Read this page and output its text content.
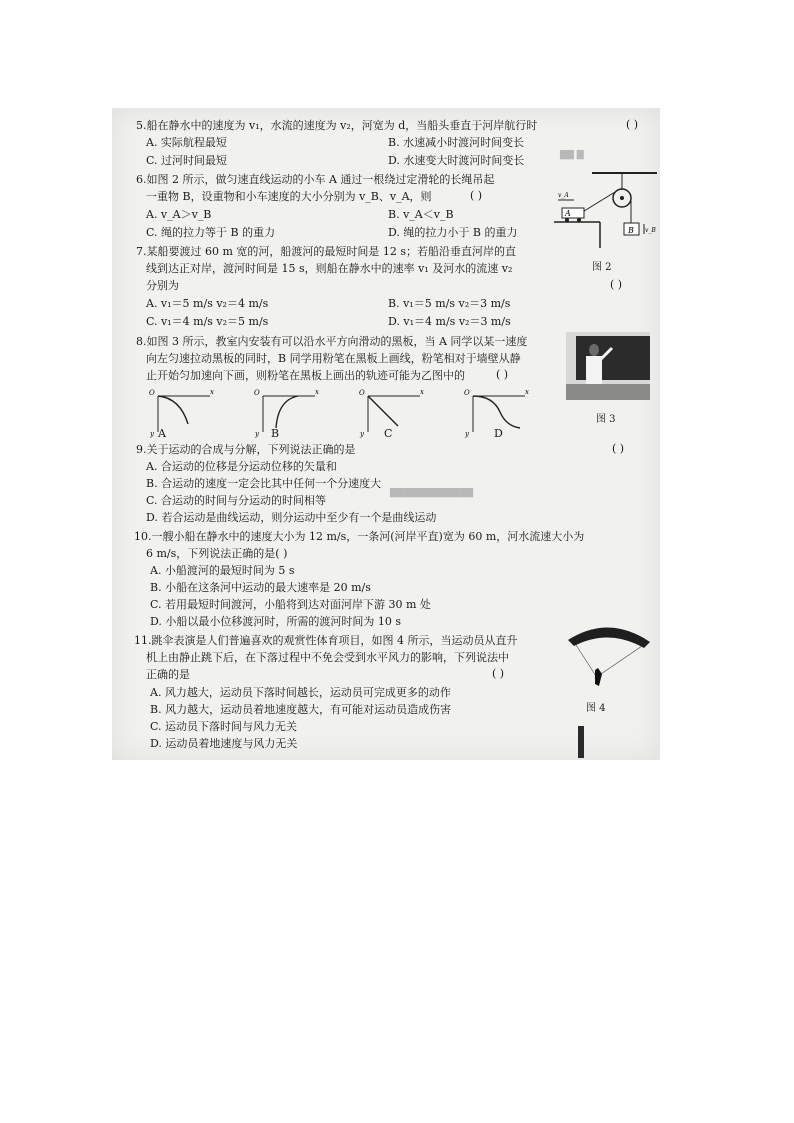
▇▇ ▇
▇▇▇▇▇▇▇▇▇▇▇▇
5.船在静水中的速度为 v₁，水流的速度为 v₂，河宽为 d，当船头垂直于河岸航行时	( )
A. 实际航程最短	B. 水速减小时渡河时间变长
C. 过河时间最短	D. 水速变大时渡河时间变长
6.如图 2 所示，做匀速直线运动的小车 A 通过一根绕过定滑轮的长绳吊起
一重物 B，设重物和小车速度的大小分别为 v_B、v_A，则	( )
A. v_A＞v_B	B. v_A＜v_B
C. 绳的拉力等于 B 的重力	D. 绳的拉力小于 B 的重力
A
B
v_A
v_B
图 2
7.某船要渡过 60 m 宽的河，船渡河的最短时间是 12 s；若船沿垂直河岸的直
线到达正对岸，渡河时间是 15 s，则船在静水中的速率 v₁ 及河水的流速 v₂
分别为	( )
A. v₁＝5 m/s v₂＝4 m/s	B. v₁＝5 m/s v₂＝3 m/s
C. v₁＝4 m/s v₂＝5 m/s	D. v₁＝4 m/s v₂＝3 m/s
8.如图 3 所示，教室内安装有可以沿水平方向滑动的黑板，当 A 同学以某一速度
向左匀速拉动黑板的同时，B 同学用粉笔在黑板上画线，粉笔相对于墙壁从静
止开始匀加速向下画，则粉笔在黑板上画出的轨迹可能为乙图中的	( )
图 3
O	x
y
O	x
y
O	x
y
O	x
y
A	B	C	D
9.关于运动的合成与分解，下列说法正确的是	( )
A. 合运动的位移是分运动位移的矢量和
B. 合运动的速度一定会比其中任何一个分速度大
C. 合运动的时间与分运动的时间相等
D. 若合运动是曲线运动，则分运动中至少有一个是曲线运动
10.一艘小船在静水中的速度大小为 12 m/s，一条河(河岸平直)宽为 60 m，河水流速大小为
6 m/s，下列说法正确的是( )
A. 小船渡河的最短时间为 5 s
B. 小船在这条河中运动的最大速率是 20 m/s
C. 若用最短时间渡河，小船将到达对面河岸下游 30 m 处
D. 小船以最小位移渡河时，所需的渡河时间为 10 s
11.跳伞表演是人们普遍喜欢的观赏性体育项目，如图 4 所示，当运动员从直升
机上由静止跳下后，在下落过程中不免会受到水平风力的影响，下列说法中
正确的是	( )
A. 风力越大，运动员下落时间越长，运动员可完成更多的动作
B. 风力越大，运动员着地速度越大，有可能对运动员造成伤害
C. 运动员下落时间与风力无关
D. 运动员着地速度与风力无关
图 4
